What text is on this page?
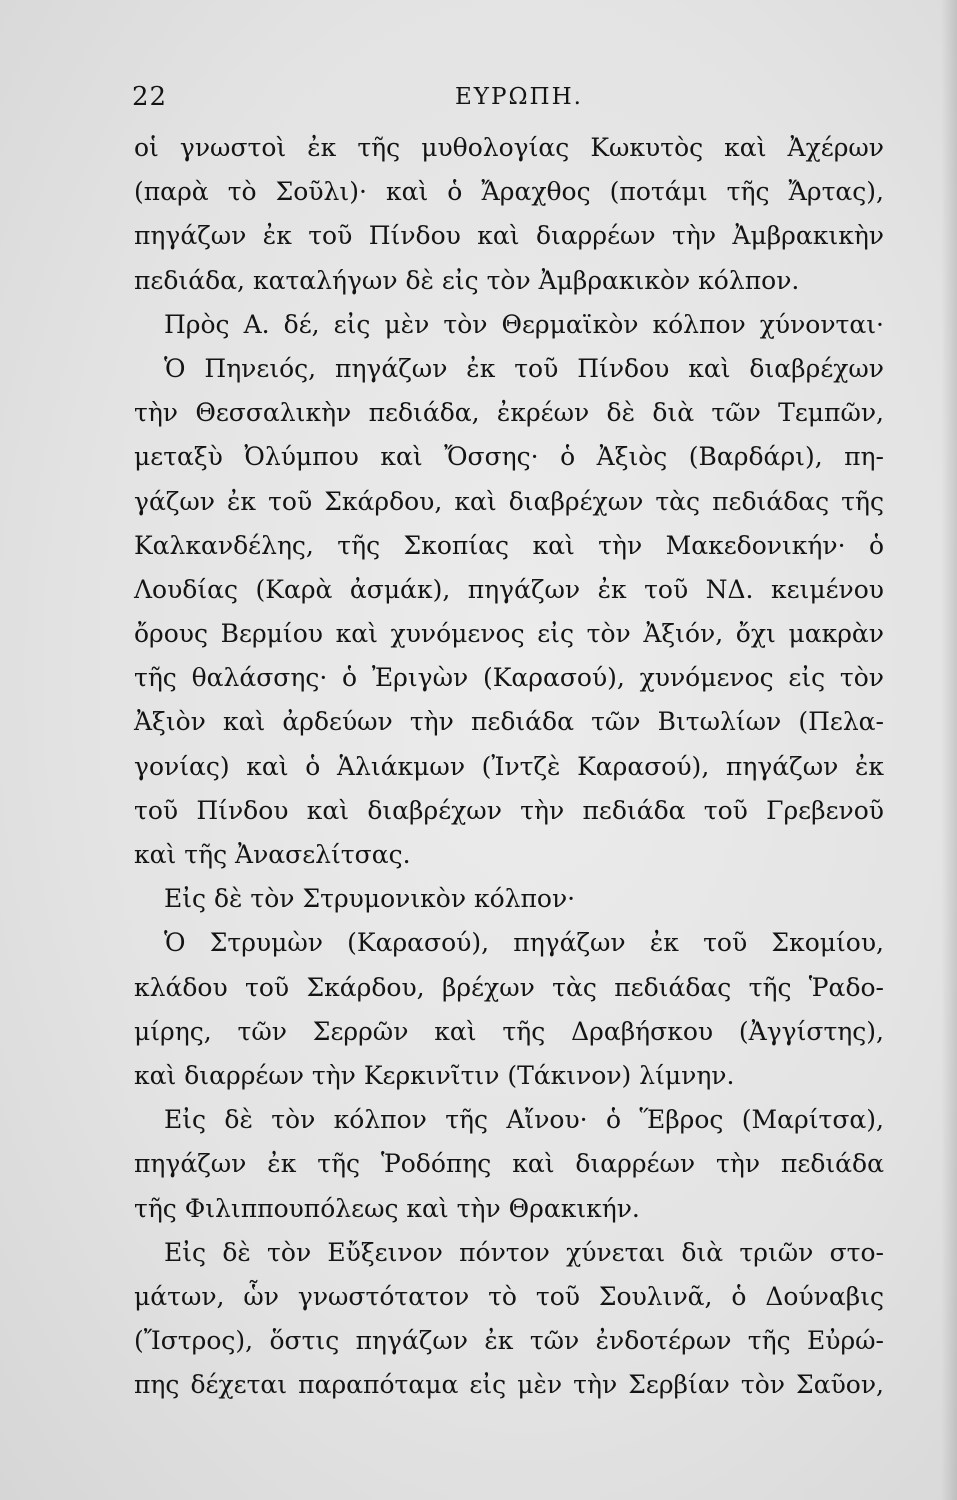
22	ΕΥΡΩΠΗ.
οἱ γνωστοὶ ἐκ τῆς μυθολογίας Κωκυτὸς καὶ Ἀχέρων
(παρὰ τὸ Σοῦλι)· καὶ ὁ Ἄραχθος (ποτάμι τῆς Ἄρτας),
πηγάζων ἐκ τοῦ Πίνδου καὶ διαρρέων τὴν Ἀμβρακικὴν
πεδιάδα, καταλήγων δὲ εἰς τὸν Ἀμβρακικὸν κόλπον.
Πρὸς Α. δέ, εἰς μὲν τὸν Θερμαϊκὸν κόλπον χύνονται·
Ὁ Πηνειός, πηγάζων ἐκ τοῦ Πίνδου καὶ διαβρέχων
τὴν Θεσσαλικὴν πεδιάδα, ἐκρέων δὲ διὰ τῶν Τεμπῶν,
μεταξὺ Ὀλύμπου καὶ Ὄσσης· ὁ Ἀξιὸς (Βαρδάρι), πη-
γάζων ἐκ τοῦ Σκάρδου, καὶ διαβρέχων τὰς πεδιάδας τῆς
Καλκανδέλης, τῆς Σκοπίας καὶ τὴν Μακεδονικήν· ὁ
Λουδίας (Καρὰ ἀσμάκ), πηγάζων ἐκ τοῦ ΝΔ. κειμένου
ὄρους Βερμίου καὶ χυνόμενος εἰς τὸν Ἀξιόν, ὄχι μακρὰν
τῆς θαλάσσης· ὁ Ἐριγὼν (Καρασού), χυνόμενος εἰς τὸν
Ἀξιὸν καὶ ἀρδεύων τὴν πεδιάδα τῶν Βιτωλίων (Πελα-
γονίας) καὶ ὁ Ἁλιάκμων (Ἰντζὲ Καρασού), πηγάζων ἐκ
τοῦ Πίνδου καὶ διαβρέχων τὴν πεδιάδα τοῦ Γρεβενοῦ
καὶ τῆς Ἀνασελίτσας.
Εἰς δὲ τὸν Στρυμονικὸν κόλπον·
Ὁ Στρυμὼν (Καρασού), πηγάζων ἐκ τοῦ Σκομίου,
κλάδου τοῦ Σκάρδου, βρέχων τὰς πεδιάδας τῆς Ῥαδο-
μίρης, τῶν Σερρῶν καὶ τῆς Δραβήσκου (Ἀγγίστης),
καὶ διαρρέων τὴν Κερκινῖτιν (Τάκινον) λίμνην.
Εἰς δὲ τὸν κόλπον τῆς Αἴνου· ὁ Ἕβρος (Μαρίτσα),
πηγάζων ἐκ τῆς Ῥοδόπης καὶ διαρρέων τὴν πεδιάδα
τῆς Φιλιππουπόλεως καὶ τὴν Θρακικήν.
Εἰς δὲ τὸν Εὔξεινον πόντον χύνεται διὰ τριῶν στο-
μάτων, ὧν γνωστότατον τὸ τοῦ Σουλινᾶ, ὁ Δούναβις
(Ἴστρος), ὅστις πηγάζων ἐκ τῶν ἐνδοτέρων τῆς Εὐρώ-
πης δέχεται παραπόταμα εἰς μὲν τὴν Σερβίαν τὸν Σαῦον,
